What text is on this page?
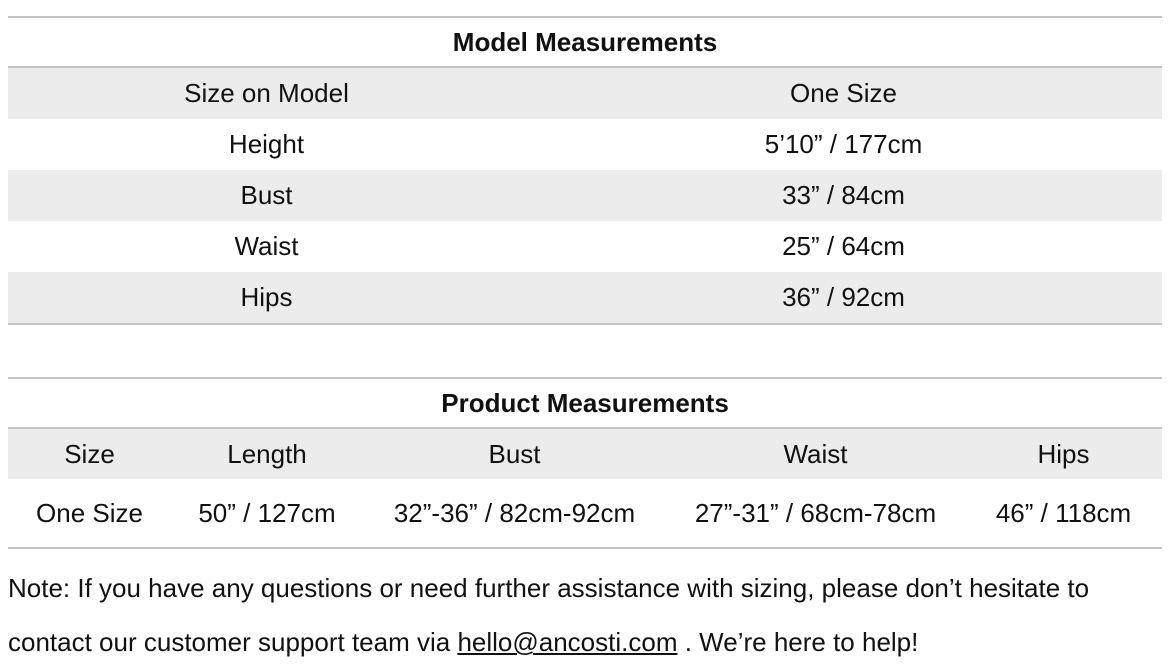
Model Measurements	
Size on Model	One Size
Height	5’10” / 177cm
Bust	33” / 84cm
Waist	25” / 64cm
Hips	36” / 92cm
Product Measurements				
Size	Length	Bust	Waist	Hips
One Size	50” / 127cm	32”-36” / 82cm-92cm	27”-31” / 68cm-78cm	46” / 118cm
Note: If you have any questions or need further assistance with sizing, please don’t hesitate to contact our customer support team via hello@ancosti.com . We’re here to help!
